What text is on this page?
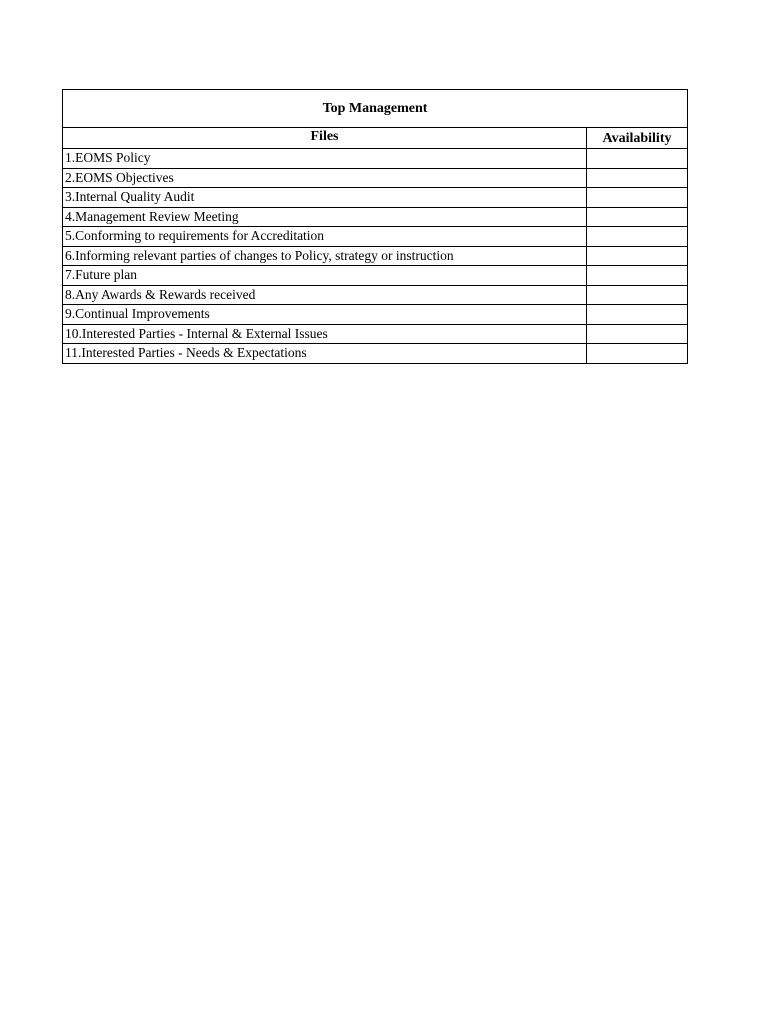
Top Management	
Files	Availability
1.EOMS Policy	
2.EOMS Objectives	
3.Internal Quality Audit	
4.Management Review Meeting	
5.Conforming to requirements for Accreditation	
6.Informing relevant parties of changes to Policy, strategy or instruction	
7.Future plan	
8.Any Awards & Rewards received	
9.Continual Improvements	
10.Interested Parties - Internal & External Issues	
11.Interested Parties - Needs & Expectations	
